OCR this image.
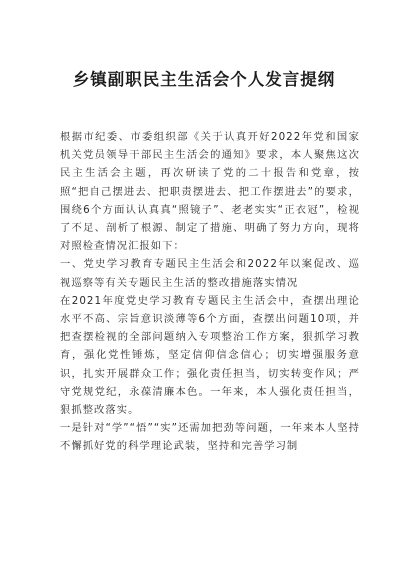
乡镇副职民主生活会个人发言提纲

根据市纪委、市委组织部《关于认真开好2022年党和国家机关党员领导干部民主生活会的通知》要求，本人聚焦这次民主生活会主题，再次研读了党的二十报告和党章，按照“把自己摆进去、把职责摆进去、把工作摆进去”的要求，围绕6个方面认认真真“照镜子”、老老实实“正衣冠”，检视了不足、剖析了根源、制定了措施、明确了努力方向，现将对照检查情况汇报如下：

一、党史学习教育专题民主生活会和2022年以案促改、巡视巡察等有关专题民主生活的整改措施落实情况

在2021年度党史学习教育专题民主生活会中，查摆出理论水平不高、宗旨意识淡薄等6个方面，查摆出问题10项，并把查摆检视的全部问题纳入专项整治工作方案，狠抓学习教育，强化党性锤炼，坚定信仰信念信心；切实增强服务意识，扎实开展群众工作；强化责任担当，切实转变作风；严守党规党纪，永葆清廉本色。一年来，本人强化责任担当，狠抓整改落实。

一是针对“学”“悟”“实”还需加把劲等问题，一年来本人坚持不懈抓好党的科学理论武装，坚持和完善学习制
